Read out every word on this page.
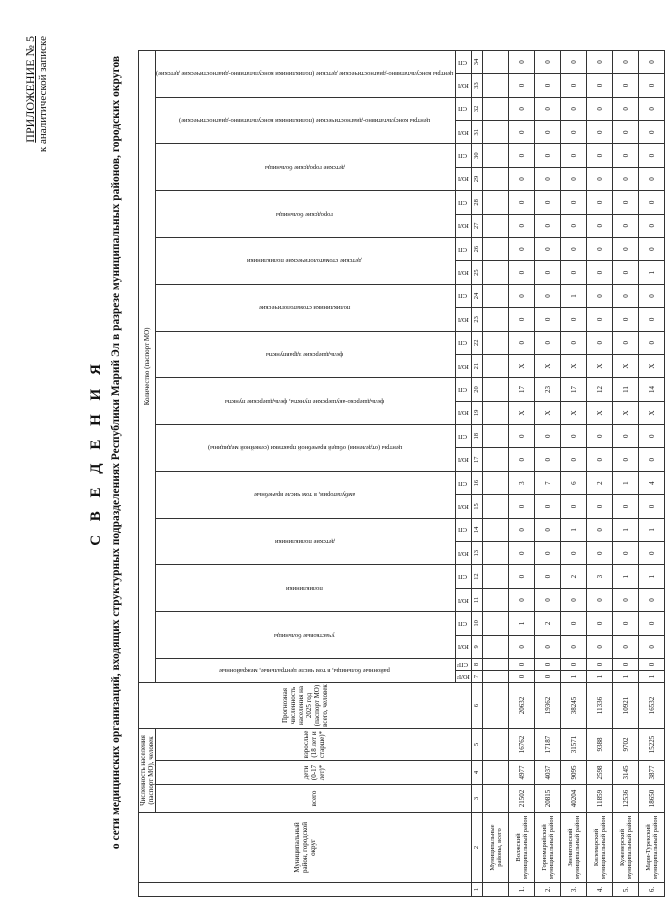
ПРИЛОЖЕНИЕ № 5 к аналитической записке
С В Е Д Е Н И Я о сети медицинских организаций, входящих структурных подразделениях Республики Марий Эл в разрезе муниципальных районов, городских округов
		Муниципальный район, городской округ	Численность населения (паспорт МО), человек			Прогнозная численность населения на 2025 год (паспорт МО) всего, человек	Количество (паспорт МО)																											
		всего	дети (0-17 лет)*	взрослые (18 лет и старше)*		районные больницы, в том числе центральные, межрайонные		участковые больницы		поликлиники		детские поликлиники		амбулатории, в том числе врачебные		центры (отделения) общей врачебной практики (семейной медицины)		фельдшерско-акушерские пункты, фельдшерские пункты		фельдшерские здравпункты		поликлиники стоматологические		детские стоматологические поликлиники		городские больницы		детские городские больницы		центры консультативно-диагностические (поликлиники консультативно-диагностические)		центры консультативно-диагностические детские (поликлиники консультативно-диагностические детские)	
						ЮЛ²	СП²	ЮЛ	СП	ЮЛ	СП	ЮЛ	СП	ЮЛ	СП	ЮЛ	СП	ЮЛ	СП	ЮЛ	СП	ЮЛ	СП	ЮЛ	СП	ЮЛ	СП	ЮЛ	СП	ЮЛ	СП	ЮЛ	СП

1	2	3	4	5	6	7	8	9	10	11	12	13	14	15	16	17	18	19	20	21	22	23	24	25	26	27	28	29	30	31	32	33	34
	Муниципальные районы, всего																																
1.	Волжский муниципальный район	21502	4977	16762	20632	0	0	0	1	0	0	0	0	0	3	0	0	X	17	X	0	0	0	0	0	0	0	0	0	0	0	0	0
2.	Горномарийский муниципальный район	20815	4037	17187	19362	0	0	0	2	0	0	0	0	0	7	0	0	X	23	X	0	0	0	0	0	0	0	0	0	0	0	0	0
3.	Звениговский муниципальный район	40204	9095	31571	38245	1	0	0	0	0	2	0	1	0	6	0	0	X	17	X	0	0	1	0	0	0	0	0	0	0	0	0	0
4.	Килемарский муниципальный район	11859	2598	9388	11336	1	0	0	0	0	3	0	0	0	2	0	0	X	12	X	0	0	0	0	0	0	0	0	0	0	0	0	0
5.	Куженерский муниципальный район	12536	3145	9702	10921	1	0	0	0	0	1	0	1	0	1	0	0	X	11	X	0	0	0	0	0	0	0	0	0	0	0	0	0
6.	Мари-Турекский муниципальный район	18650	3877	15225	16532	1	0	0	0	0	1	0	1	0	4	0	0	X	14	X	0	0	0	1	0	0	0	0	0	0	0	0	0
